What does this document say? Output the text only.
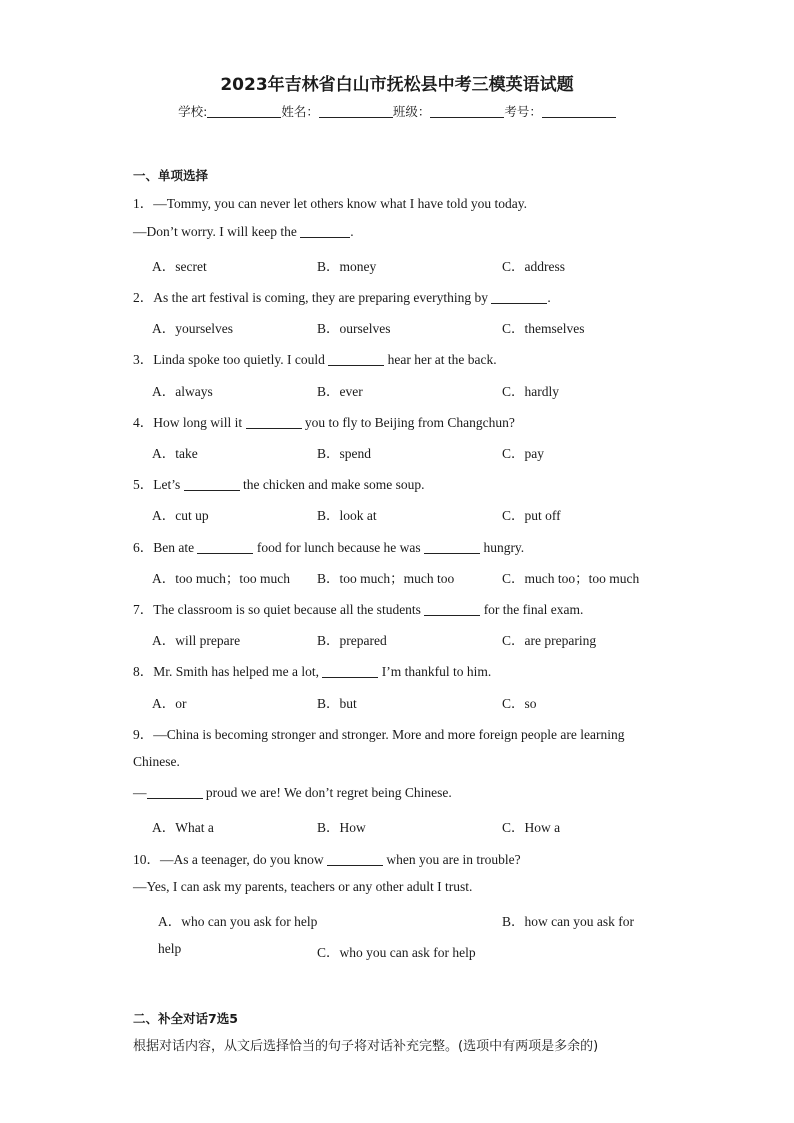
2023年吉林省白山市抚松县中考三模英语试题
学校:	姓名：	班级：	考号：
一、单项选择
1．—Tommy, you can never let others know what I have told you today.
—Don’t worry. I will keep the	.
A．secret	B．money	C．address
2．As the art festival is coming, they are preparing everything by	.
A．yourselves	B．ourselves	C．themselves
3．Linda spoke too quietly. I could	hear her at the back.
A．always	B．ever	C．hardly
4．How long will it	you to fly to Beijing from Changchun?
A．take	B．spend	C．pay
5．Let’s	the chicken and make some soup.
A．cut up	B．look at	C．put off
6．Ben ate	food for lunch because he was	hungry.
A．too much；too much B．too much；much too	C．much too；too much
7．The classroom is so quiet because all the students	for the final exam.
A．will prepare	B．prepared	C．are preparing
8．Mr. Smith has helped me a lot,	I’m thankful to him.
A．or	B．but	C．so
9．—China is becoming stronger and stronger. More and more foreign people are learning
Chinese.
—	proud we are! We don’t regret being Chinese.
A．What a	B．How	C．How a
10．—As a teenager, do you know	when you are in trouble?
—Yes, I can ask my parents, teachers or any other adult I trust.
A．who can you ask for help	B．how can you ask for
help	C．who you can ask for help
二、补全对话7选5
根据对话内容，从文后选择恰当的句子将对话补充完整。(选项中有两项是多余的)
